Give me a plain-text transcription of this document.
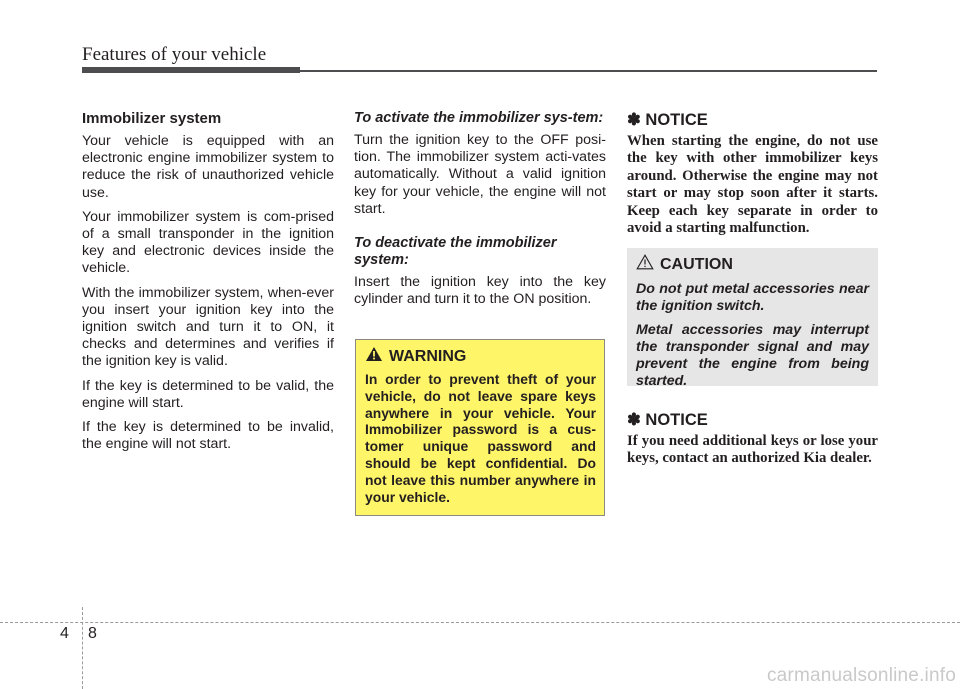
Features of your vehicle
Immobilizer system

Your vehicle is equipped with an electronic engine immobilizer system to reduce the risk of unauthorized vehicle use.

Your immobilizer system is com-prised of a small transponder in the ignition key and electronic devices inside the vehicle.

With the immobilizer system, when-ever you insert your ignition key into the ignition switch and turn it to ON, it checks and determines and verifies if the ignition key is valid.

If the key is determined to be valid, the engine will start.

If the key is determined to be invalid, the engine will not start.

To activate the immobilizer sys-tem:

Turn the ignition key to the OFF posi-tion. The immobilizer system acti-vates automatically. Without a valid ignition key for your vehicle, the engine will not start.

To deactivate the immobilizer system:

Insert the ignition key into the key cylinder and turn it to the ON position.

WARNING

In order to prevent theft of your vehicle, do not leave spare keys anywhere in your vehicle. Your Immobilizer password is a cus-tomer unique password and should be kept confidential. Do not leave this number anywhere in your vehicle.

✽ NOTICE

When starting the engine, do not use the key with other immobilizer keys around. Otherwise the engine may not start or may stop soon after it starts. Keep each key separate in order to avoid a starting malfunction.

CAUTION

Do not put metal accessories near the ignition switch.

Metal accessories may interrupt the transponder signal and may prevent the engine from being started.

✽ NOTICE

If you need additional keys or lose your keys, contact an authorized Kia dealer.

4 8
carmanualsonline.info
